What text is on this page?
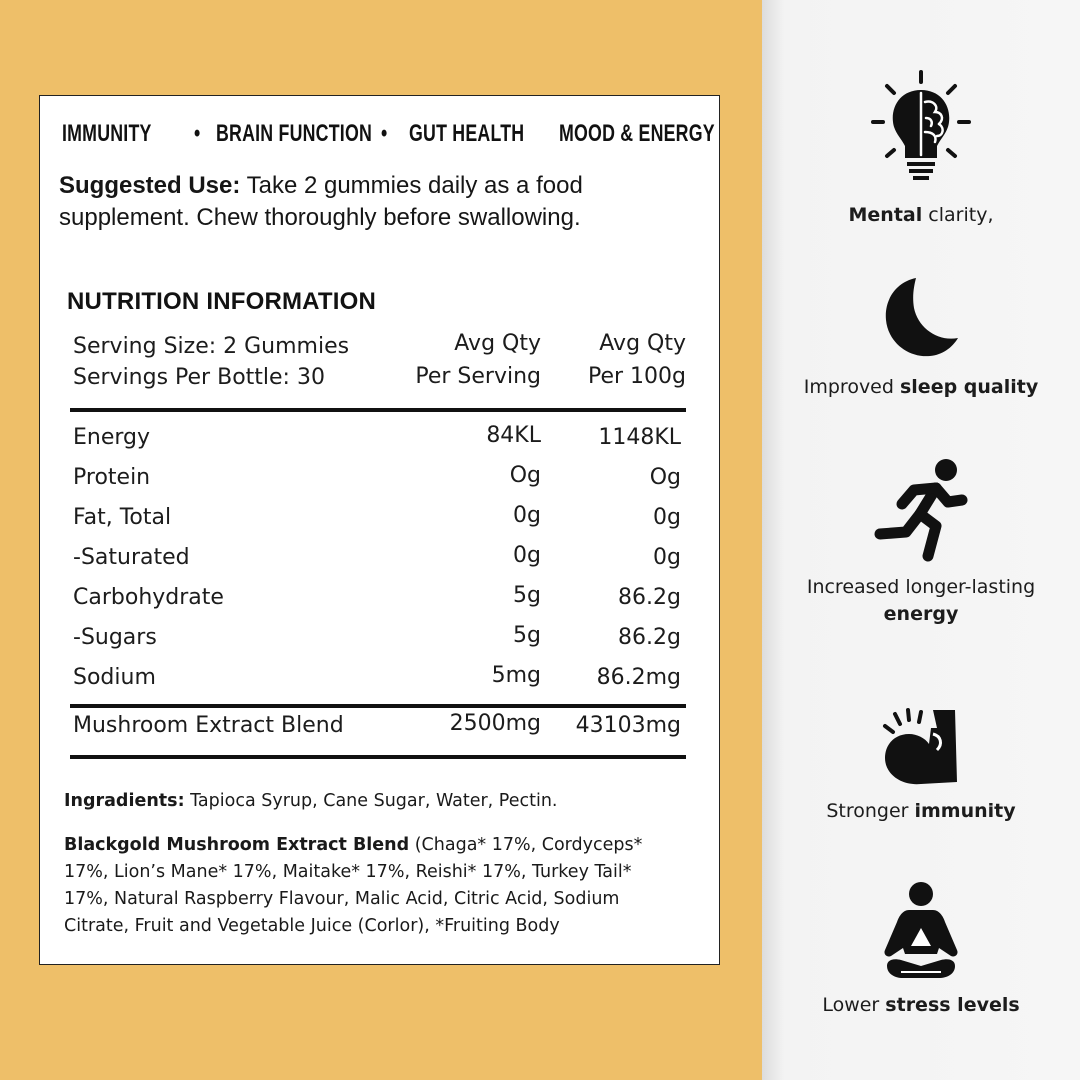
IMMUNITY • BRAIN FUNCTION • GUT HEALTH MOOD & ENERGY
Suggested Use: Take 2 gummies daily as a food
supplement. Chew thoroughly before swallowing.
NUTRITION INFORMATION
Serving Size: 2 Gummies
Servings Per Bottle: 30
Avg Qty
Per Serving
Avg Qty
Per 100g
Energy	84KL	1148KL
Protein	Og	Og
Fat, Total	0g	0g
-Saturated	0g	0g
Carbohydrate	5g	86.2g
-Sugars	5g	86.2g
Sodium	5mg	86.2mg
Mushroom Extract Blend	2500mg 43103mg
Ingradients: Tapioca Syrup, Cane Sugar, Water, Pectin.
Blackgold Mushroom Extract Blend (Chaga* 17%, Cordyceps*
17%, Lion’s Mane* 17%, Maitake* 17%, Reishi* 17%, Turkey Tail*
17%, Natural Raspberry Flavour, Malic Acid, Citric Acid, Sodium
Citrate, Fruit and Vegetable Juice (Corlor), *Fruiting Body
Mental clarity,
Improved sleep quality
Increased longer-lasting
energy
Stronger immunity
Lower stress levels
